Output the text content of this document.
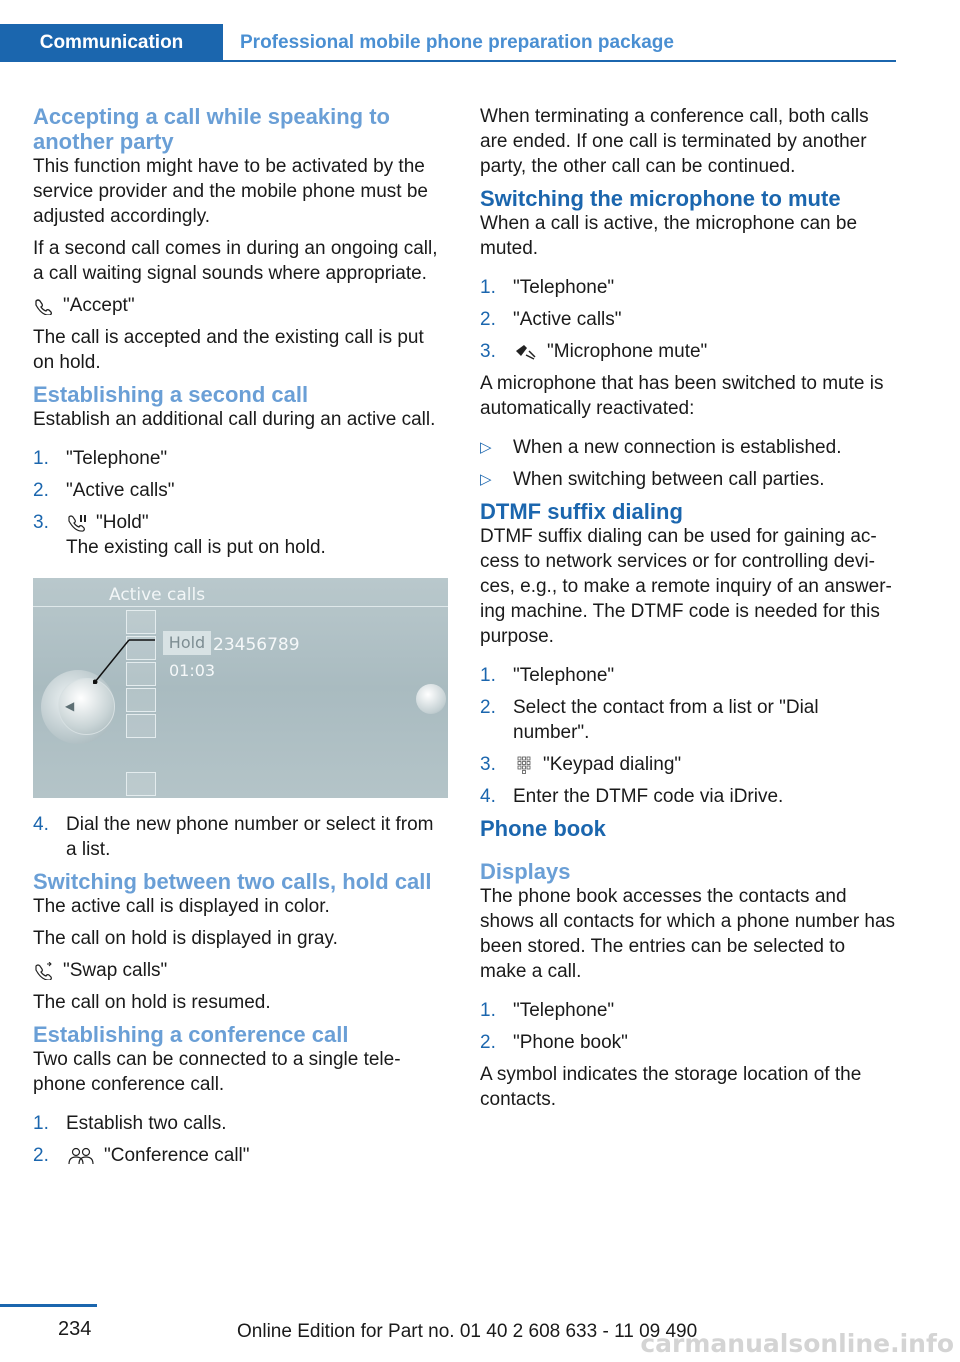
Communication	Professional mobile phone preparation package
Accepting a call while speaking to another party

This function might have to be activated by the service provider and the mobile phone must be adjusted accordingly.

If a second call comes in during an ongoing call, a call waiting signal sounds where appropriate.

"Accept"

The call is accepted and the existing call is put on hold.

Establishing a second call

Establish an additional call during an active call.

1. "Telephone"
2. "Active calls"
3. "Hold"
The existing call is put on hold.
Active calls
Hold 23456789
01:03
◀
4. Dial the new phone number or select it from a list.
Switching between two calls, hold call

The active call is displayed in color.

The call on hold is displayed in gray.

"Swap calls"

The call on hold is resumed.

Establishing a conference call

Two calls can be connected to a single tele‐phone conference call.

1. Establish two calls.
2.	"Conference call"

When terminating a conference call, both calls are ended. If one call is terminated by another party, the other call can be continued.

Switching the microphone to mute

When a call is active, the microphone can be muted.

1. "Telephone"
2. "Active calls"
3.	"Microphone mute"

A microphone that has been switched to mute is automatically reactivated:

▷ When a new connection is established.
▷ When switching between call parties.
DTMF suffix dialing

DTMF suffix dialing can be used for gaining ac‐cess to network services or for controlling devi‐ces, e.g., to make a remote inquiry of an answer‐ing machine. The DTMF code is needed for this purpose.

1. "Telephone"
2. Select the contact from a list or "Dial number".
3. "Keypad dialing"
4. Enter the DTMF code via iDrive.
Phone book
Displays

The phone book accesses the contacts and shows all contacts for which a phone number has been stored. The entries can be selected to make a call.

1. "Telephone"
2. "Phone book"

A symbol indicates the storage location of the contacts.

234	Online Edition for Part no. 01 40 2 608 633 - 11 09 490
carmanualsonline.info
